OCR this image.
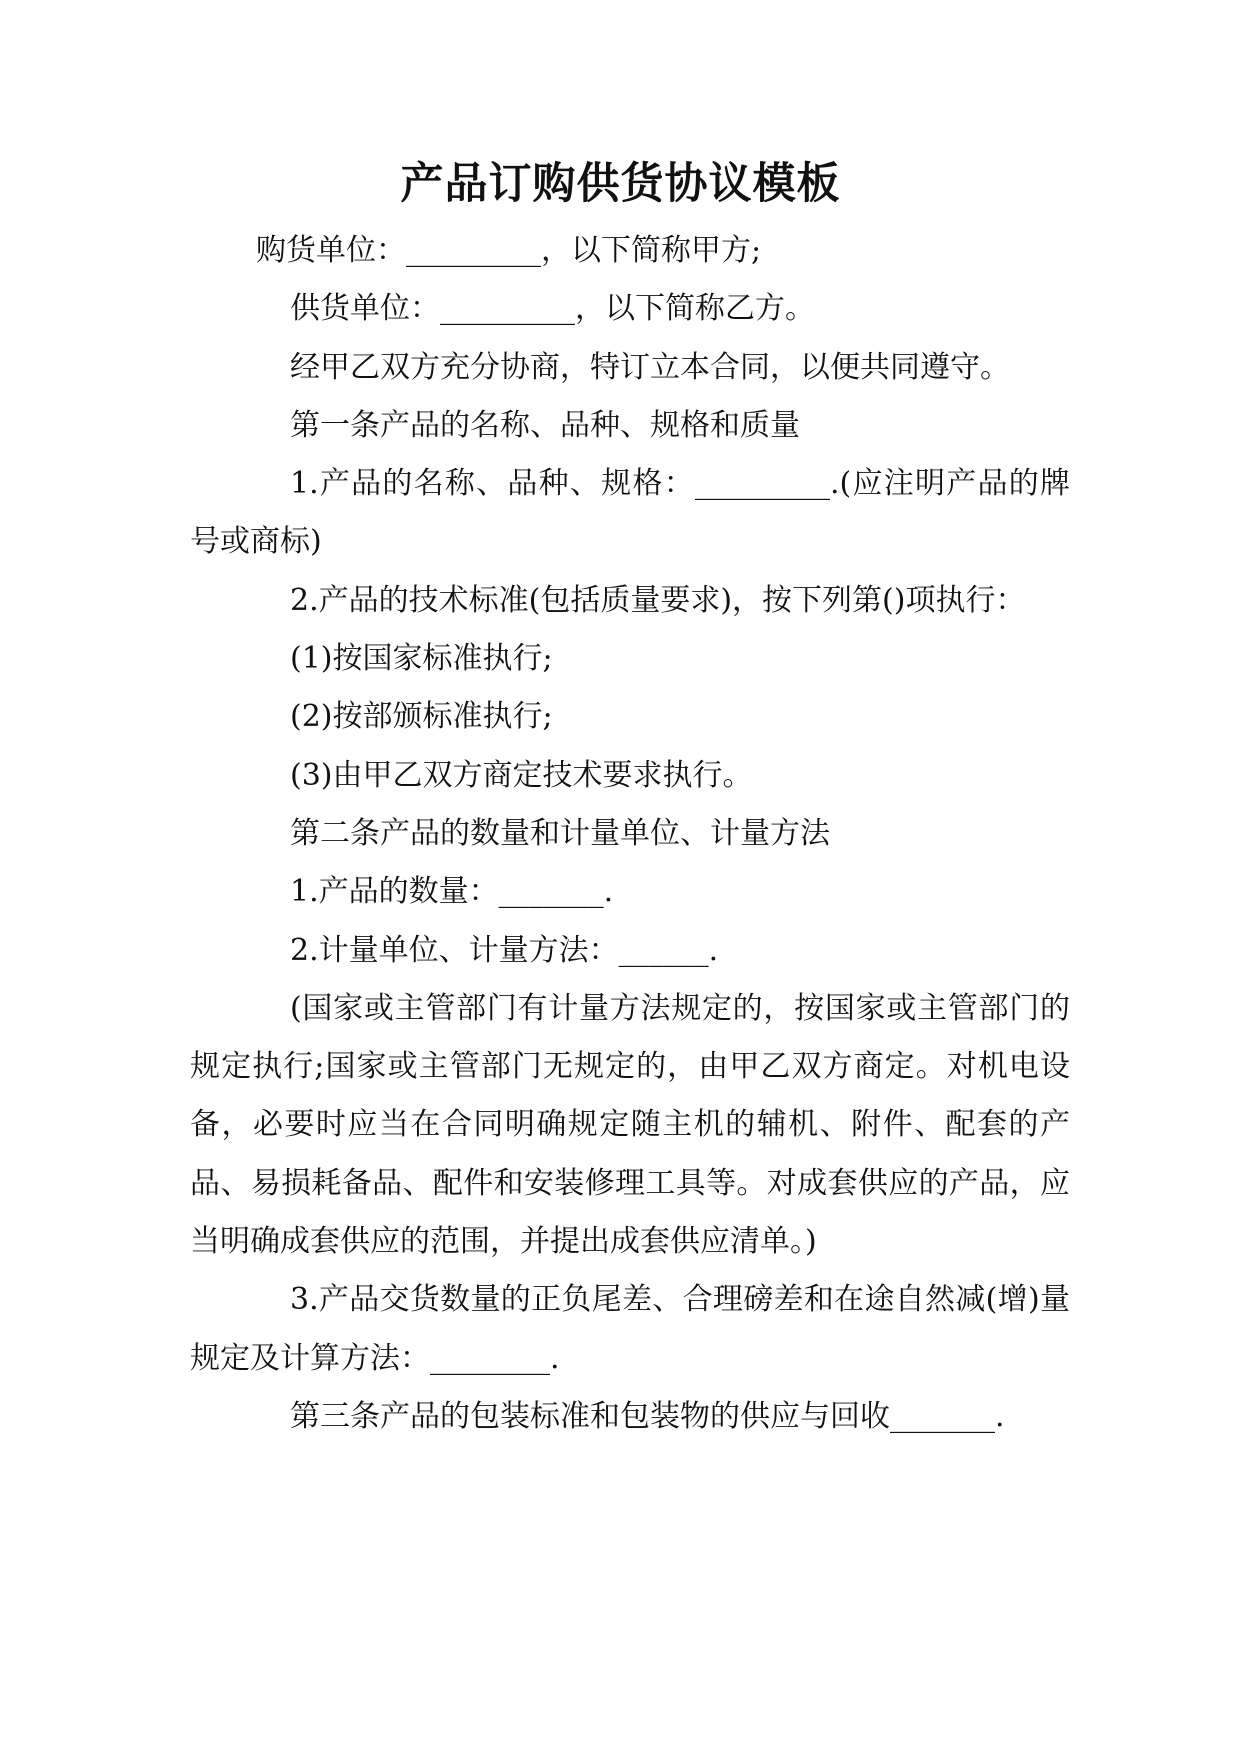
产品订购供货协议模板

购货单位：_________，以下简称甲方;

供货单位：_________，以下简称乙方。

经甲乙双方充分协商，特订立本合同，以便共同遵守。

第一条产品的名称、品种、规格和质量

1.产品的名称、品种、规格：_________.(应注明产品的牌号或商标)

2.产品的技术标准(包括质量要求)，按下列第()项执行：

(1)按国家标准执行;

(2)按部颁标准执行;

(3)由甲乙双方商定技术要求执行。

第二条产品的数量和计量单位、计量方法

1.产品的数量：_______.

2.计量单位、计量方法：______.

(国家或主管部门有计量方法规定的，按国家或主管部门的规定执行;国家或主管部门无规定的，由甲乙双方商定。对机电设备，必要时应当在合同明确规定随主机的辅机、附件、配套的产品、易损耗备品、配件和安装修理工具等。对成套供应的产品，应当明确成套供应的范围，并提出成套供应清单。)

3.产品交货数量的正负尾差、合理磅差和在途自然减(增)量规定及计算方法：________.

第三条产品的包装标准和包装物的供应与回收_______.
